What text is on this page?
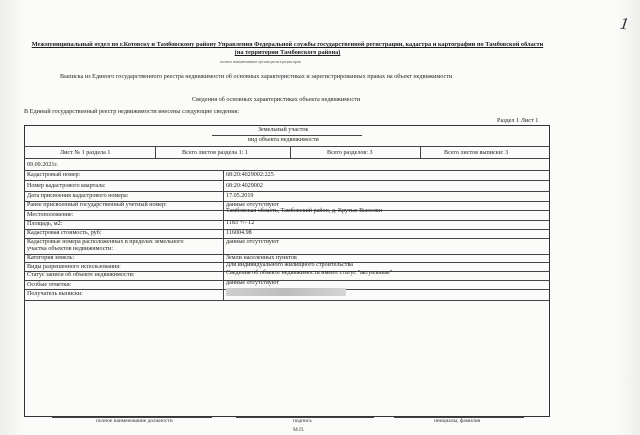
1
Межмуниципальный отдел по г.Котовску и Тамбовскому району Управления Федеральной службы государственной регистрации, кадастра и картографии по Тамбовской области (на территории Тамбовского района)
полное наименование органа регистрации прав
Выписка из Единого государственного реестра недвижимости об основных характеристиках и зарегистрированных правах на объект недвижимости
Сведения об основных характеристиках объекта недвижимости
В Единый государственный реестр недвижимости внесены следующие сведения:
Раздел 1 Лист 1
Земельный участок
вид объекта недвижимости
Лист № 1 раздела 1	Всего листов раздела 1: 1	Всего разделов: 3	Всего листов выписки: 3
09.09.2021г.
Кадастровый номер:	68:20:4029002:225
Номер кадастрового квартала:	68:20:4029002
Дата присвоения кадастрового номера:	17.05.2019
Ранее присвоенный государственный учетный номер:	данные отсутствуют
Местоположение:
Тамбовская область, Тамбовский район, д. Крутые Выселки
Площадь, м2:	1183 +/- 12
Кадастровая стоимость, руб:	116004.98
Кадастровые номера расположенных в пределах земельного
участка объектов недвижимости:
данные отсутствуют
Категория земель:	Земли населенных пунктов
Виды разрешенного использования:	Для индивидуального жилищного строительства
Статус записи об объекте недвижимости:	Сведения об объекте недвижимости имеют статус "актуальные"
Особые отметки:	данные отсутствуют
Получатель выписки:
полное наименование должности	подпись	инициалы, фамилия
М.П.
